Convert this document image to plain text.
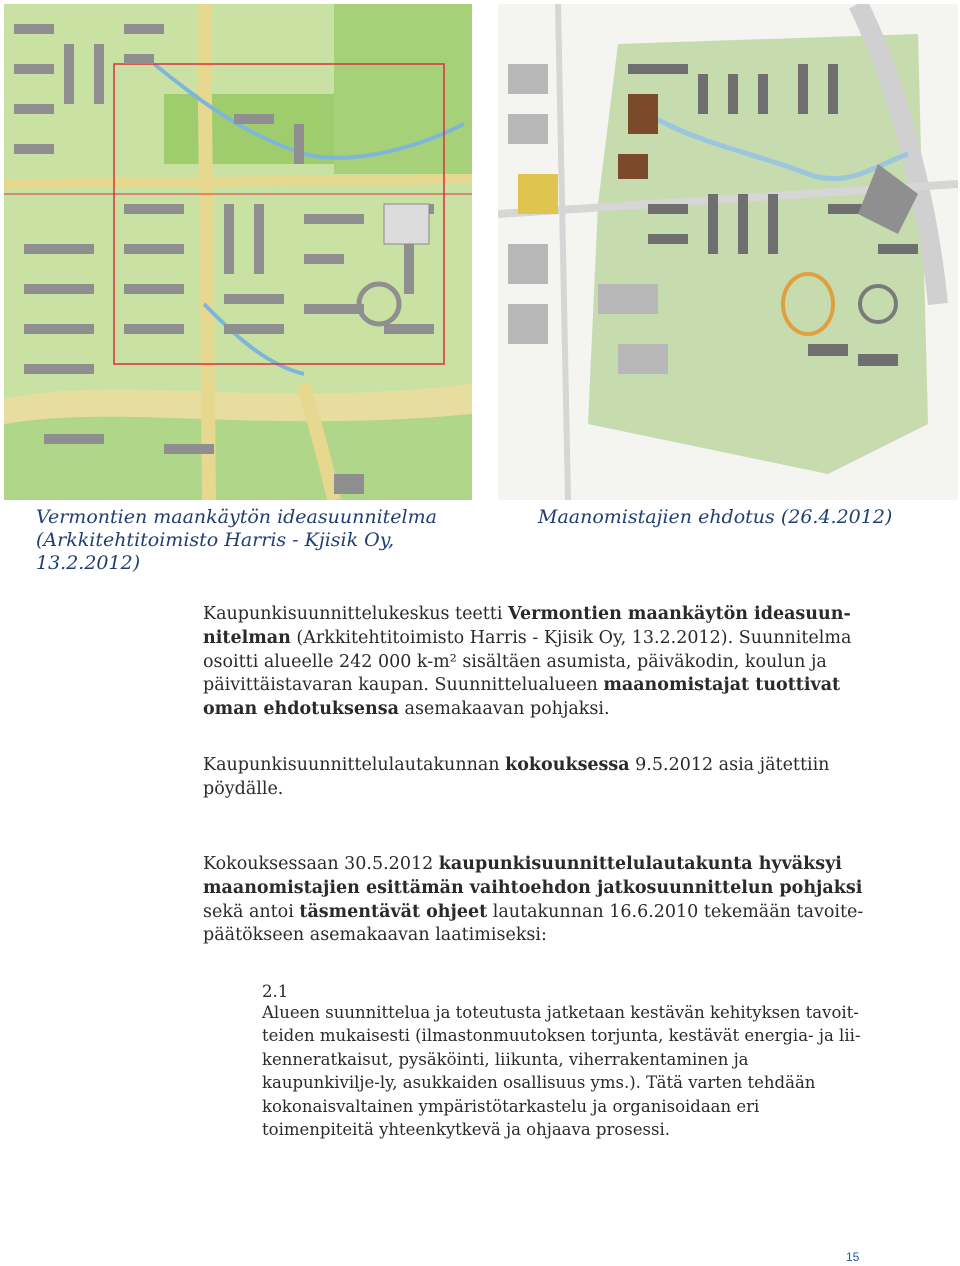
Vermontien maankäytön ideasuunnitelma
(Arkkitehtitoimisto Harris - Kjisik Oy, 13.2.2012)

Maanomistajien ehdotus (26.4.2012)

Kaupunkisuunnittelukeskus teetti Vermontien maankäytön ideasuun-nitelman (Arkkitehtitoimisto Harris - Kjisik Oy, 13.2.2012). Suunnitelma osoitti alueelle 242 000 k-m² sisältäen asumista, päiväkodin, koulun ja päivittäistavaran kaupan. Suunnittelualueen maanomistajat tuottivat oman ehdotuksensa asemakaavan pohjaksi.

Kaupunkisuunnittelulautakunnan kokouksessa 9.5.2012 asia jätettiin pöydälle.

Kokouksessaan 30.5.2012 kaupunkisuunnittelulautakunta hyväksyi maanomistajien esittämän vaihtoehdon jatkosuunnittelun pohjaksi sekä antoi täsmentävät ohjeet lautakunnan 16.6.2010 tekemään tavoite-päätökseen asemakaavan laatimiseksi:

2.1

Alueen suunnittelua ja toteutusta jatketaan kestävän kehityksen tavoit-teiden mukaisesti (ilmastonmuutoksen torjunta, kestävät energia- ja lii-kenneratkaisut, pysäköinti, liikunta, viherrakentaminen ja kaupunkivilje-ly, asukkaiden osallisuus yms.). Tätä varten tehdään kokonaisvaltainen ympäristötarkastelu ja organisoidaan eri toimenpiteitä yhteenkytkevä ja ohjaava prosessi.

15
